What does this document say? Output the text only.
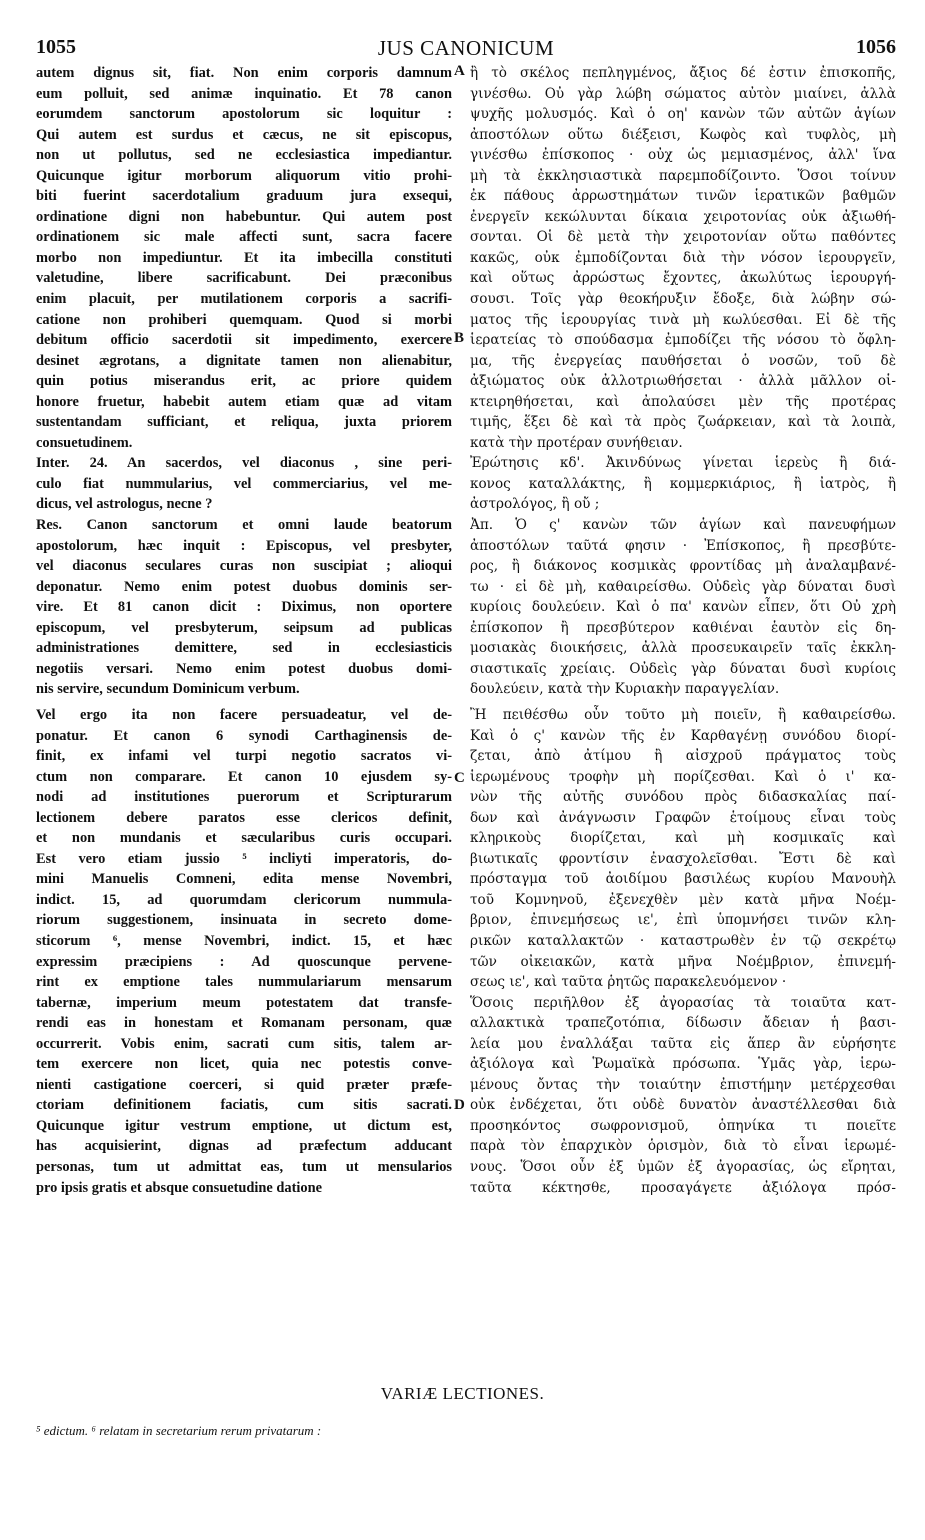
1055	JUS CANONICUM	1056
autem dignus sit, fiat. Non enim corporis damnum
eum polluit, sed animæ inquinatio. Et 78 canon
eorumdem sanctorum apostolorum sic loquitur :
Qui autem est surdus et cæcus, ne sit episcopus,
non ut pollutus, sed ne ecclesiastica impediantur.
Quicunque igitur morborum aliquorum vitio prohi-
biti fuerint sacerdotalium graduum jura exsequi,
ordinatione digni non habebuntur. Qui autem post
ordinationem sic male affecti sunt, sacra facere
morbo non impediuntur. Et ita imbecilla constituti
valetudine, libere sacrificabunt. Dei præconibus
enim placuit, per mutilationem corporis a sacrifi-
catione non prohiberi quemquam. Quod si morbi
debitum officio sacerdotii sit impedimento, exercere
desinet ægrotans, a dignitate tamen non alienabitur,
quin potius miserandus erit, ac priore quidem
honore fruetur, habebit autem etiam quæ ad vitam
sustentandam sufficiant, et reliqua, juxta priorem
consuetudinem.
Inter. 24. An sacerdos, vel diaconus , sine peri-
culo fiat nummularius, vel commerciarius, vel me-
dicus, vel astrologus, necne ?
Res. Canon sanctorum et omni laude beatorum
apostolorum, hæc inquit : Episcopus, vel presbyter,
vel diaconus seculares curas non suscipiat ; alioqui
deponatur. Nemo enim potest duobus dominis ser-
vire. Et 81 canon dicit : Diximus, non oportere
episcopum, vel presbyterum, seipsum ad publicas
administrationes demittere, sed in ecclesiasticis
negotiis versari. Nemo enim potest duobus domi-
nis servire, secundum Dominicum verbum.
Vel ergo ita non facere persuadeatur, vel de-
ponatur. Et canon 6 synodi Carthaginensis de-
finit, ex infami vel turpi negotio sacratos vi-
ctum non comparare. Et canon 10 ejusdem sy-
nodi ad institutiones puerorum et Scripturarum
lectionem debere paratos esse clericos definit,
et non mundanis et sæcularibus curis occupari.
Est vero etiam jussio ⁵ incliyti imperatoris, do-
mini Manuelis Comneni, edita mense Novembri,
indict. 15, ad quorumdam clericorum nummula-
riorum suggestionem, insinuata in secreto dome-
sticorum ⁶, mense Novembri, indict. 15, et hæc
expressim præcipiens : Ad quoscunque pervene-
rint ex emptione tales nummulariarum mensarum
tabernæ, imperium meum potestatem dat transfe-
rendi eas in honestam et Romanam personam, quæ
occurrerit. Vobis enim, sacrati cum sitis, talem ar-
tem exercere non licet, quia nec potestis conve-
nienti castigatione coerceri, si quid præter præfe-
ctoriam definitionem faciatis, cum sitis sacrati.
Quicunque igitur vestrum emptione, ut dictum est,
has acquisierint, dignas ad præfectum adducant
personas, tum ut admittat eas, tum ut mensularios
pro ipsis gratis et absque consuetudine datione
ἢ τὸ σκέλος πεπληγμένος, ἄξιος δέ ἐστιν ἐπισκοπῆς,
γινέσθω. Οὐ γὰρ λώβη σώματος αὐτὸν μιαίνει, ἀλλὰ
ψυχῆς μολυσμός. Καὶ ὁ οη' κανὼν τῶν αὐτῶν ἁγίων
ἀποστόλων οὕτω διέξεισι, Κωφὸς καὶ τυφλὸς, μὴ
γινέσθω ἐπίσκοπος · οὐχ ὡς μεμιασμένος, ἀλλ' ἵνα
μὴ τὰ ἐκκλησιαστικὰ παρεμποδίζοιντο. Ὅσοι τοίνυν
ἐκ πάθους ἀρρωστημάτων τινῶν ἱερατικῶν βαθμῶν
ἐνεργεῖν κεκώλυνται δίκαια χειροτονίας οὐκ ἀξιωθή-
σονται. Οἱ δὲ μετὰ τὴν χειροτονίαν οὕτω παθόντες
κακῶς, οὐκ ἐμποδίζονται διὰ τὴν νόσον ἱερουργεῖν,
καὶ οὕτως ἀρρώστως ἔχοντες, ἀκωλύτως ἱερουργή-
σουσι. Τοῖς γὰρ θεοκήρυξιν ἔδοξε, διὰ λώβην σώ-
ματος τῆς ἱερουργίας τινὰ μὴ κωλύεσθαι. Εἰ δὲ τῆς
ἱερατείας τὸ σπούδασμα ἐμποδίζει τῆς νόσου τὸ ὄφλη-
μα, τῆς ἐνεργείας παυθήσεται ὁ νοσῶν, τοῦ δὲ
ἀξιώματος οὐκ ἀλλοτριωθήσεται · ἀλλὰ μᾶλλον οἱ-
κτειρηθήσεται, καὶ ἀπολαύσει μὲν τῆς προτέρας
τιμῆς, ἕξει δὲ καὶ τὰ πρὸς ζωάρκειαν, καὶ τὰ λοιπὰ,
κατὰ τὴν προτέραν συνήθειαν.
Ἐρώτησις κδ'. Ἀκινδύνως γίνεται ἱερεὺς ἢ διά-
κονος καταλλάκτης, ἢ κομμερκιάριος, ἢ ἰατρὸς, ἢ
ἀστρολόγος, ἢ οὔ ;
Ἀπ. Ὁ ς' κανὼν τῶν ἁγίων καὶ πανευφήμων
ἀποστόλων ταῦτά φησιν · Ἐπίσκοπος, ἢ πρεσβύτε-
ρος, ἢ διάκονος κοσμικὰς φροντίδας μὴ ἀναλαμβανέ-
τω · εἰ δὲ μὴ, καθαιρείσθω. Οὐδεὶς γὰρ δύναται δυσὶ
κυρίοις δουλεύειν. Καὶ ὁ πα' κανὼν εἶπεν, ὅτι Οὐ χρὴ
ἐπίσκοπον ἢ πρεσβύτερον καθιέναι ἑαυτὸν εἰς δη-
μοσιακὰς διοικήσεις, ἀλλὰ προσευκαιρεῖν ταῖς ἐκκλη-
σιαστικαῖς χρείαις. Οὐδεὶς γὰρ δύναται δυσὶ κυρίοις
δουλεύειν, κατὰ τὴν Κυριακὴν παραγγελίαν.
Ἢ πειθέσθω οὖν τοῦτο μὴ ποιεῖν, ἢ καθαιρείσθω.
Καὶ ὁ ς' κανὼν τῆς ἐν Καρθαγένῃ συνόδου διορί-
ζεται, ἀπὸ ἀτίμου ἢ αἰσχροῦ πράγματος τοὺς
ἱερωμένους τροφὴν μὴ πορίζεσθαι. Καὶ ὁ ι' κα-
νὼν τῆς αὐτῆς συνόδου πρὸς διδασκαλίας παί-
δων καὶ ἀνάγνωσιν Γραφῶν ἑτοίμους εἶναι τοὺς
κληρικοὺς διορίζεται, καὶ μὴ κοσμικαῖς καὶ
βιωτικαῖς φροντίσιν ἐνασχολεῖσθαι. Ἔστι δὲ καὶ
πρόσταγμα τοῦ ἀοιδίμου βασιλέως κυρίου Μανουὴλ
τοῦ Κομνηνοῦ, ἐξενεχθὲν μὲν κατὰ μῆνα Νοέμ-
βριον, ἐπινεμήσεως ιε', ἐπὶ ὑπομνήσει τινῶν κλη-
ρικῶν καταλλακτῶν · καταστρωθὲν ἐν τῷ σεκρέτῳ
τῶν οἰκειακῶν, κατὰ μῆνα Νοέμβριον, ἐπινεμή-
σεως ιε', καὶ ταῦτα ῥητῶς παρακελευόμενον ·
Ὅσοις περιῆλθον ἐξ ἀγορασίας τὰ τοιαῦτα κατ-
αλλακτικὰ τραπεζοτόπια, δίδωσιν ἄδειαν ἡ βασι-
λεία μου ἐναλλάξαι ταῦτα εἰς ἅπερ ἂν εὑρήσητε
ἀξιόλογα καὶ Ῥωμαϊκὰ πρόσωπα. Ὑμᾶς γὰρ, ἱερω-
μένους ὄντας τὴν τοιαύτην ἐπιστήμην μετέρχεσθαι
οὐκ ἐνδέχεται, ὅτι οὐδὲ δυνατὸν ἀναστέλλεσθαι διὰ
προσηκόντος σωφρονισμοῦ, ὁπηνίκα τι ποιεῖτε
παρὰ τὸν ἐπαρχικὸν ὁρισμὸν, διὰ τὸ εἶναι ἱερωμέ-
νους. Ὅσοι οὖν ἐξ ὑμῶν ἐξ ἀγορασίας, ὡς εἴρηται,
ταῦτα κέκτησθε, προσαγάγετε ἀξιόλογα πρόσ-
A
B
C
D
VARIÆ LECTIONES.
⁵ edictum. ⁶ relatam in secretarium rerum privatarum :
